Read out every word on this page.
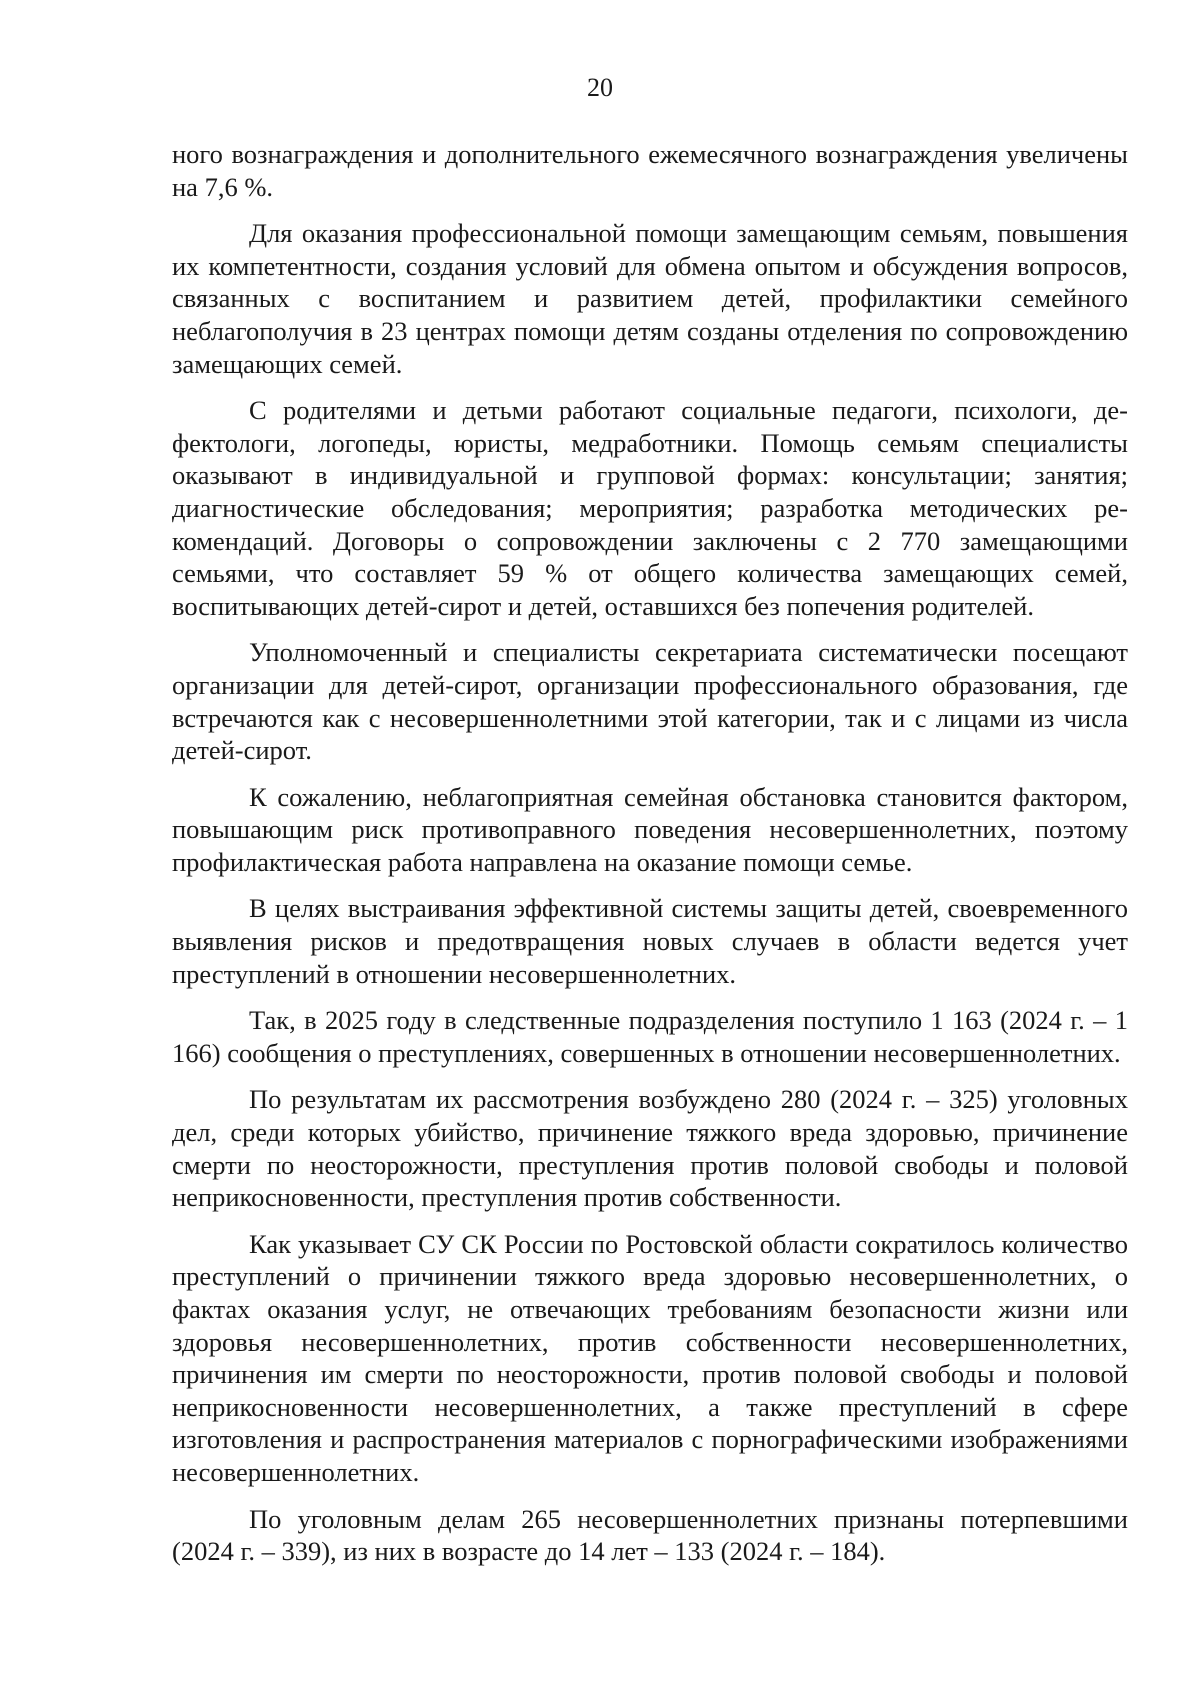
20

ного вознаграждения и дополнительного ежемесячного вознаграждения увеличены на 7,6 %.

Для оказания профессиональной помощи замещающим семьям, повышения их компетентности, создания условий для обмена опытом и обсуждения вопросов, связанных с воспитанием и развитием детей, профилактики семейного неблагополучия в 23 центрах помощи детям созданы отделения по сопровождению замещающих семей.

С родителями и детьми работают социальные педагоги, психологи, дефектологи, логопеды, юристы, медработники. Помощь семьям специалисты оказывают в индивидуальной и групповой формах: консультации; занятия; диагностические обследования; мероприятия; разработка методических рекомендаций. Договоры о сопровождении заключены с 2 770 замещающими семьями, что составляет 59 % от общего количества замещающих семей, воспитывающих детей-сирот и детей, оставшихся без попечения родителей.

Уполномоченный и специалисты секретариата систематически посещают организации для детей-сирот, организации профессионального образования, где встречаются как с несовершеннолетними этой категории, так и с лицами из числа детей-сирот.

К сожалению, неблагоприятная семейная обстановка становится фактором, повышающим риск противоправного поведения несовершеннолетних, поэтому профилактическая работа направлена на оказание помощи семье.

В целях выстраивания эффективной системы защиты детей, своевременного выявления рисков и предотвращения новых случаев в области ведется учет преступлений в отношении несовершеннолетних.

Так, в 2025 году в следственные подразделения поступило 1 163 (2024 г. – 1 166) сообщения о преступлениях, совершенных в отношении несовершеннолетних.

По результатам их рассмотрения возбуждено 280 (2024 г. – 325) уголовных дел, среди которых убийство, причинение тяжкого вреда здоровью, причинение смерти по неосторожности, преступления против половой свободы и половой неприкосновенности, преступления против собственности.

Как указывает СУ СК России по Ростовской области сократилось количество преступлений о причинении тяжкого вреда здоровью несовершеннолетних, о фактах оказания услуг, не отвечающих требованиям безопасности жизни или здоровья несовершеннолетних, против собственности несовершеннолетних, причинения им смерти по неосторожности, против половой свободы и половой неприкосновенности несовершеннолетних, а также преступлений в сфере изготовления и распространения материалов с порнографическими изображениями несовершеннолетних.

По уголовным делам 265 несовершеннолетних признаны потерпевшими (2024 г. – 339), из них в возрасте до 14 лет – 133 (2024 г. – 184).
